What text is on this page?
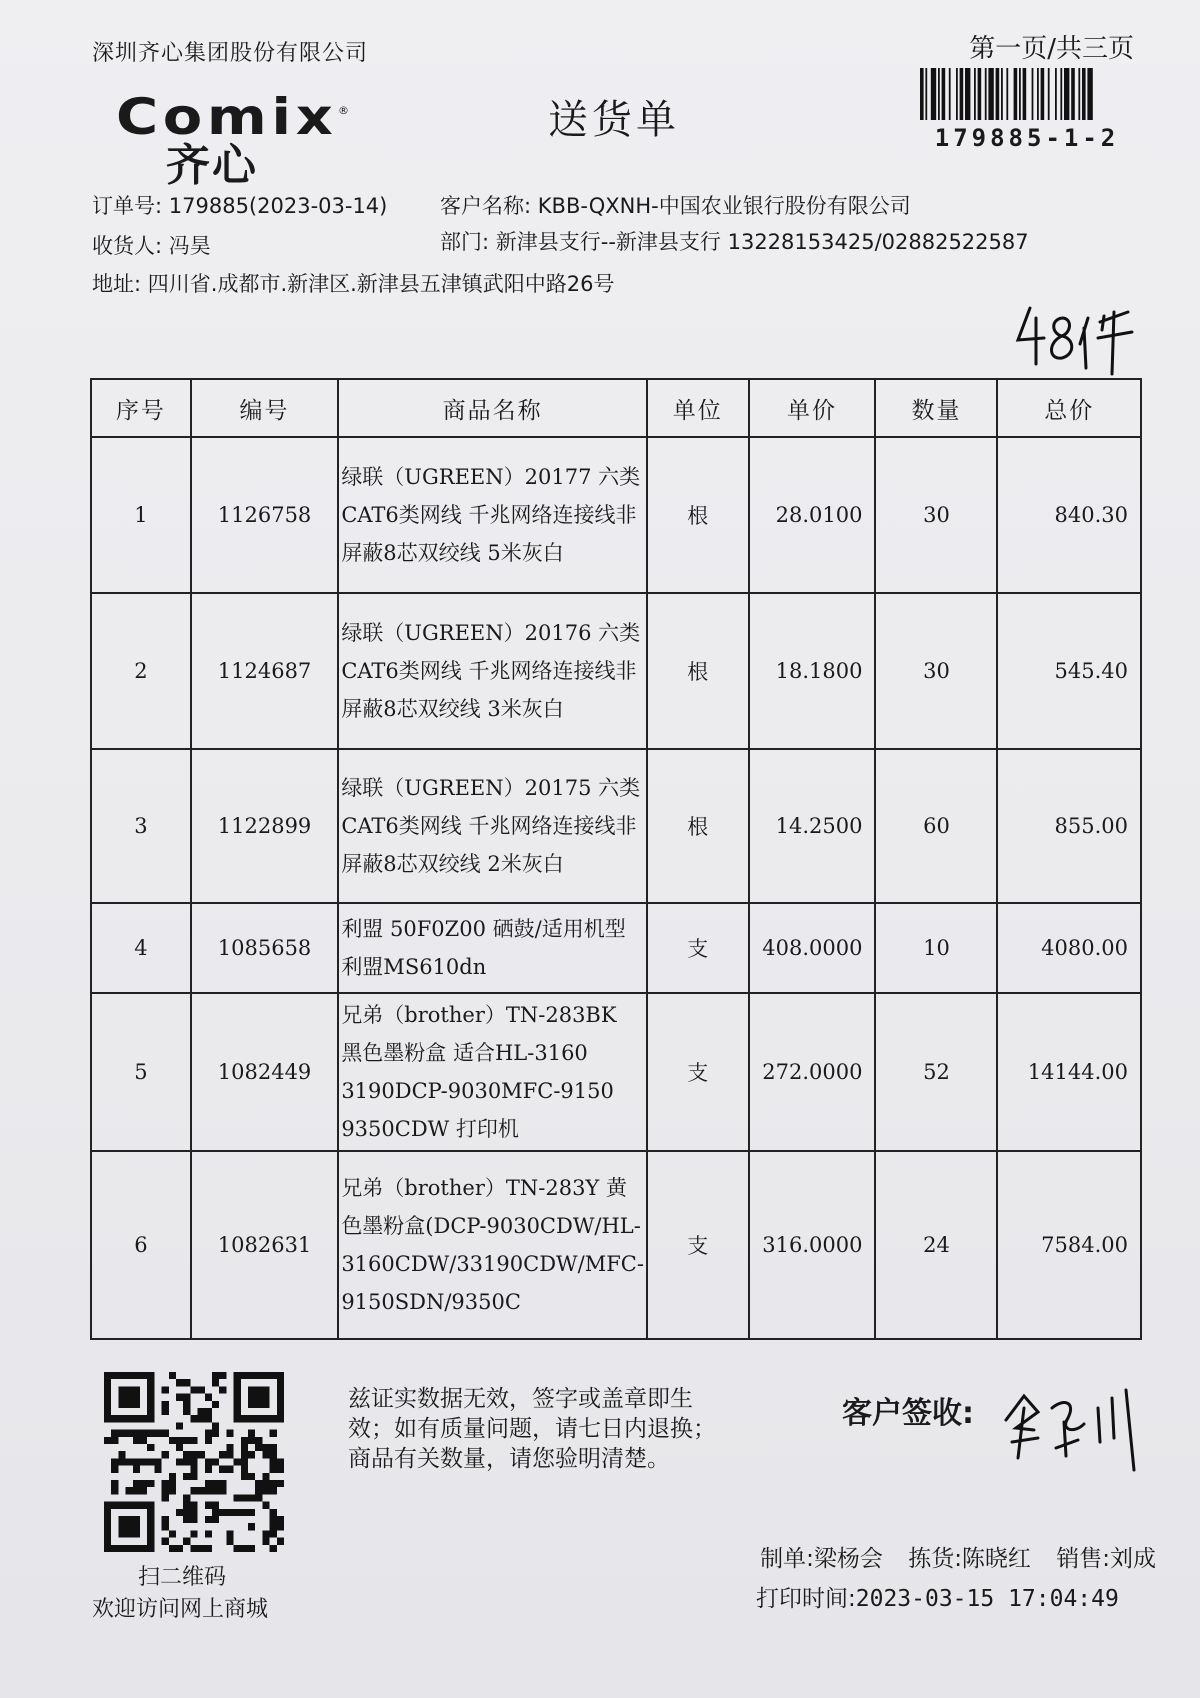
深圳齐心集团股份有限公司	第一页/共三页
179885-1-2
Comix ®
齐心
送货单
订单号: 179885(2023-03-14)	客户名称: KBB-QXNH-中国农业银行股份有限公司
收货人: 冯昊	部门: 新津县支行--新津县支行 13228153425/02882522587
地址: 四川省.成都市.新津区.新津县五津镇武阳中路26号
序号	编号	商品名称	单位	单价	数量	总价
1	1126758	绿联（UGREEN）20177 六类CAT6类网线 千兆网络连接线非屏蔽8芯双绞线 5米灰白	根	28.0100	30	840.30
2	1124687	绿联（UGREEN）20176 六类CAT6类网线 千兆网络连接线非屏蔽8芯双绞线 3米灰白	根	18.1800	30	545.40
3	1122899	绿联（UGREEN）20175 六类CAT6类网线 千兆网络连接线非屏蔽8芯双绞线 2米灰白	根	14.2500	60	855.00
4	1085658	利盟 50F0Z00 硒鼓/适用机型利盟MS610dn	支	408.0000	10	4080.00
5	1082449	兄弟（brother）TN-283BK 黑色墨粉盒 适合HL-3160 3190DCP-9030MFC-9150 9350CDW 打印机	支	272.0000	52	14144.00
6	1082631	兄弟（brother）TN-283Y 黄色墨粉盒(DCP-9030CDW/HL-3160CDW/33190CDW/MFC-9150SDN/9350C	支	316.0000	24	7584.00
扫二维码
欢迎访问网上商城
兹证实数据无效，签字或盖章即生
效；如有质量问题，请七日内退换；
商品有关数量，请您验明清楚。
客户签收:
制单:梁杨会 拣货:陈晓红 销售:刘成
打印时间:2023-03-15 17:04:49
